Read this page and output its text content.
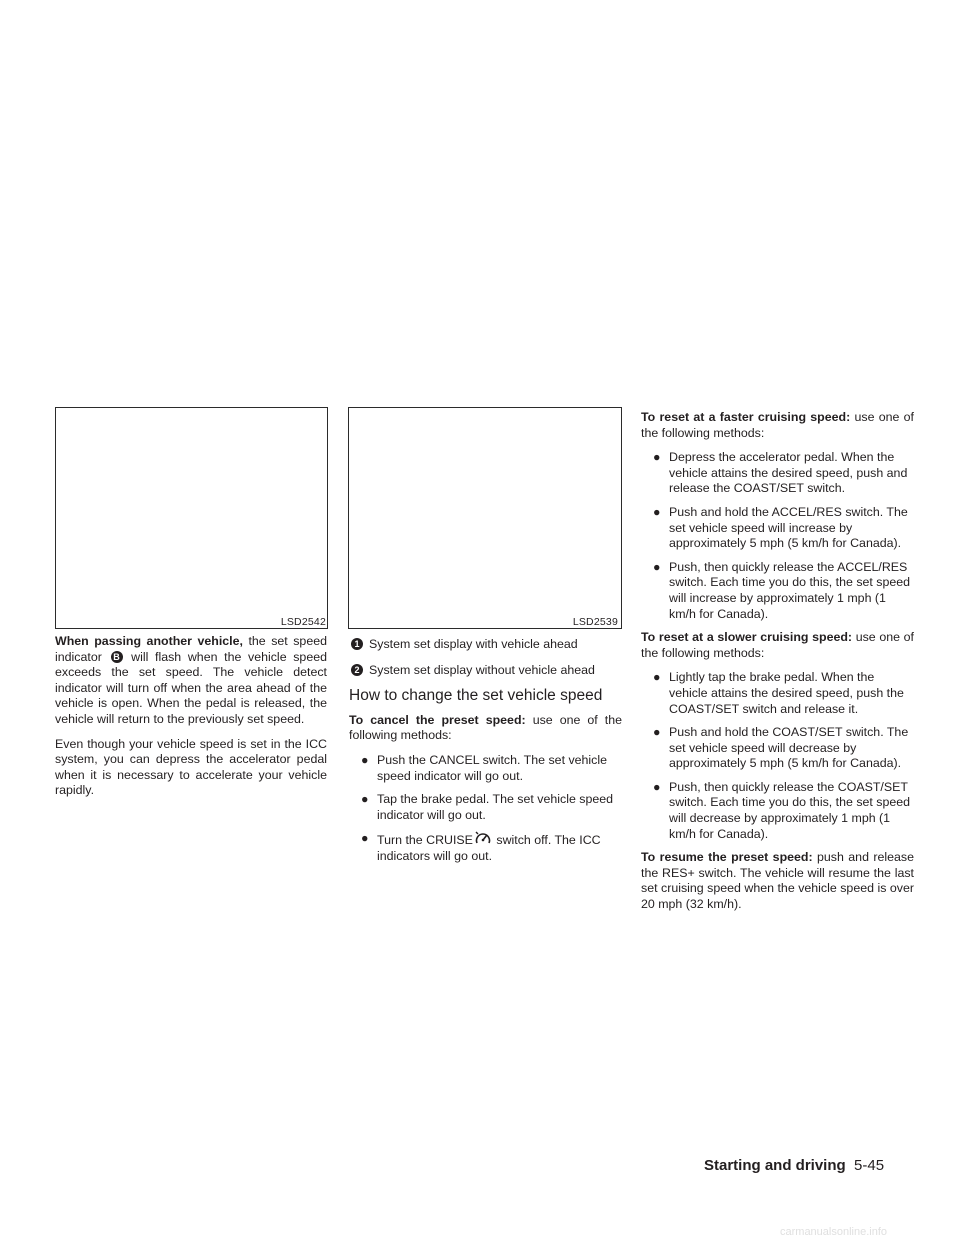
LSD2542	LSD2539

When passing another vehicle, the set speed indicator B will flash when the vehicle speed exceeds the set speed. The vehicle detect indicator will turn off when the area ahead of the vehicle is open. When the pedal is released, the vehicle will return to the previously set speed.

Even though your vehicle speed is set in the ICC system, you can depress the accelerator pedal when it is necessary to accelerate your vehicle rapidly.

1 System set display with vehicle ahead
2 System set display without vehicle ahead
How to change the set vehicle speed

To cancel the preset speed: use one of the following methods:

● Push the CANCEL switch. The set vehicle speed indicator will go out.
● Tap the brake pedal. The set vehicle speed indicator will go out.
● Turn the CRUISE switch off. The ICC indicators will go out.

To reset at a faster cruising speed: use one of the following methods:

● Depress the accelerator pedal. When the vehicle attains the desired speed, push and release the COAST/SET switch.
● Push and hold the ACCEL/RES switch. The set vehicle speed will increase by approximately 5 mph (5 km/h for Canada).
● Push, then quickly release the ACCEL/RES switch. Each time you do this, the set speed will increase by approximately 1 mph (1 km/h for Canada).

To reset at a slower cruising speed: use one of the following methods:

● Lightly tap the brake pedal. When the vehicle attains the desired speed, push the COAST/SET switch and release it.
● Push and hold the COAST/SET switch. The set vehicle speed will decrease by approximately 5 mph (5 km/h for Canada).
● Push, then quickly release the COAST/SET switch. Each time you do this, the set speed will decrease by approximately 1 mph (1 km/h for Canada).

To resume the preset speed: push and release the RES+ switch. The vehicle will resume the last set cruising speed when the vehicle speed is over 20 mph (32 km/h).

Starting and driving 5-45
carmanualsonline.info
